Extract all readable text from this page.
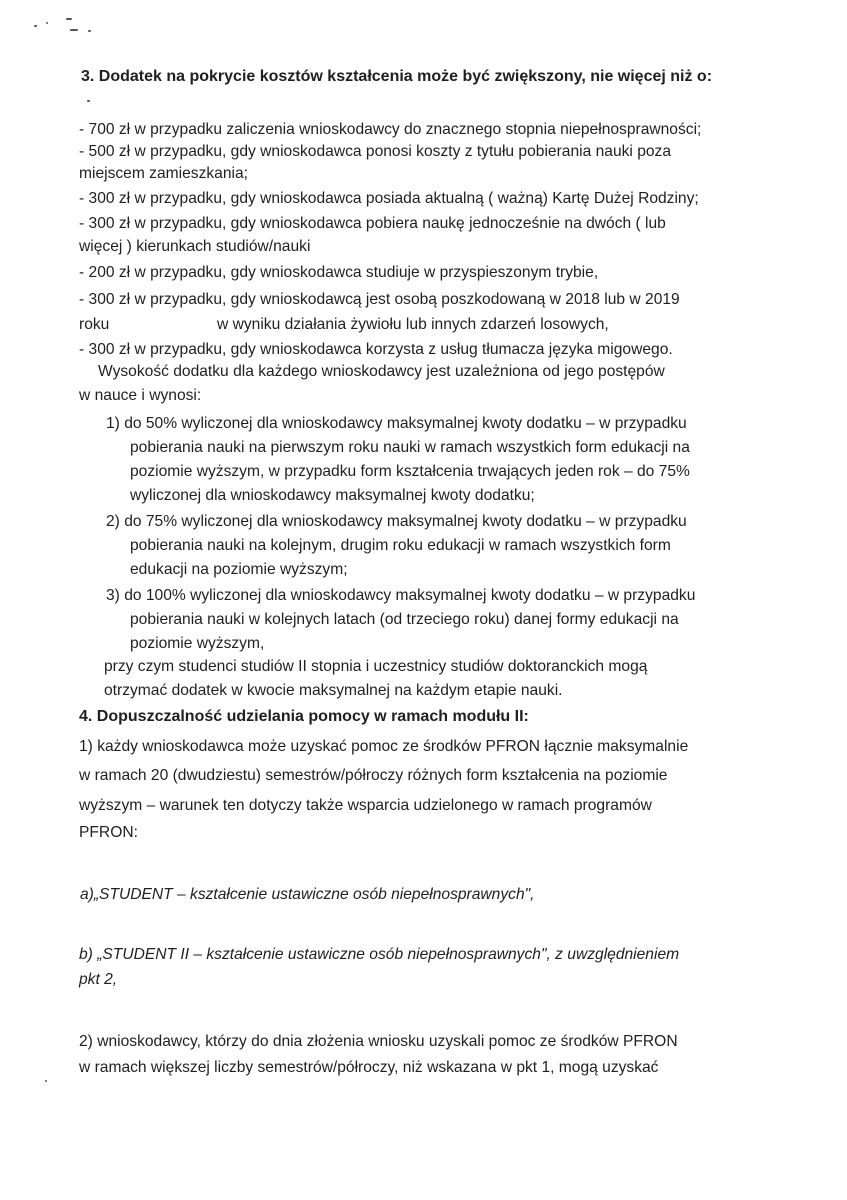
3. Dodatek na pokrycie kosztów kształcenia może być zwiększony, nie więcej niż o:
- 700 zł w przypadku zaliczenia wnioskodawcy do znacznego stopnia niepełnosprawności;
- 500 zł w przypadku, gdy wnioskodawca ponosi koszty z tytułu pobierania nauki poza
miejscem zamieszkania;
- 300 zł w przypadku, gdy wnioskodawca posiada aktualną ( ważną) Kartę Dużej Rodziny;
- 300 zł w przypadku, gdy wnioskodawca pobiera naukę jednocześnie na dwóch ( lub
więcej ) kierunkach studiów/nauki
- 200 zł w przypadku, gdy wnioskodawca studiuje w przyspieszonym trybie,
- 300 zł w przypadku, gdy wnioskodawcą jest osobą poszkodowaną w 2018 lub w 2019
roku	w wyniku działania żywiołu lub innych zdarzeń losowych,
- 300 zł w przypadku, gdy wnioskodawca korzysta z usług tłumacza języka migowego.
Wysokość dodatku dla każdego wnioskodawcy jest uzależniona od jego postępów
w nauce i wynosi:
1) do 50% wyliczonej dla wnioskodawcy maksymalnej kwoty dodatku – w przypadku
pobierania nauki na pierwszym roku nauki w ramach wszystkich form edukacji na
poziomie wyższym, w przypadku form kształcenia trwających jeden rok – do 75%
wyliczonej dla wnioskodawcy maksymalnej kwoty dodatku;
2) do 75% wyliczonej dla wnioskodawcy maksymalnej kwoty dodatku – w przypadku
pobierania nauki na kolejnym, drugim roku edukacji w ramach wszystkich form
edukacji na poziomie wyższym;
3) do 100% wyliczonej dla wnioskodawcy maksymalnej kwoty dodatku – w przypadku
pobierania nauki w kolejnych latach (od trzeciego roku) danej formy edukacji na
poziomie wyższym,
przy czym studenci studiów II stopnia i uczestnicy studiów doktoranckich mogą
otrzymać dodatek w kwocie maksymalnej na każdym etapie nauki.
4. Dopuszczalność udzielania pomocy w ramach modułu II:
1) każdy wnioskodawca może uzyskać pomoc ze środków PFRON łącznie maksymalnie
w ramach 20 (dwudziestu) semestrów/półroczy różnych form kształcenia na poziomie
wyższym – warunek ten dotyczy także wsparcia udzielonego w ramach programów
PFRON:
a)„STUDENT – kształcenie ustawiczne osób niepełnosprawnych",
b) „STUDENT II – kształcenie ustawiczne osób niepełnosprawnych", z uwzględnieniem
pkt 2,
2) wnioskodawcy, którzy do dnia złożenia wniosku uzyskali pomoc ze środków PFRON
w ramach większej liczby semestrów/półroczy, niż wskazana w pkt 1, mogą uzyskać
